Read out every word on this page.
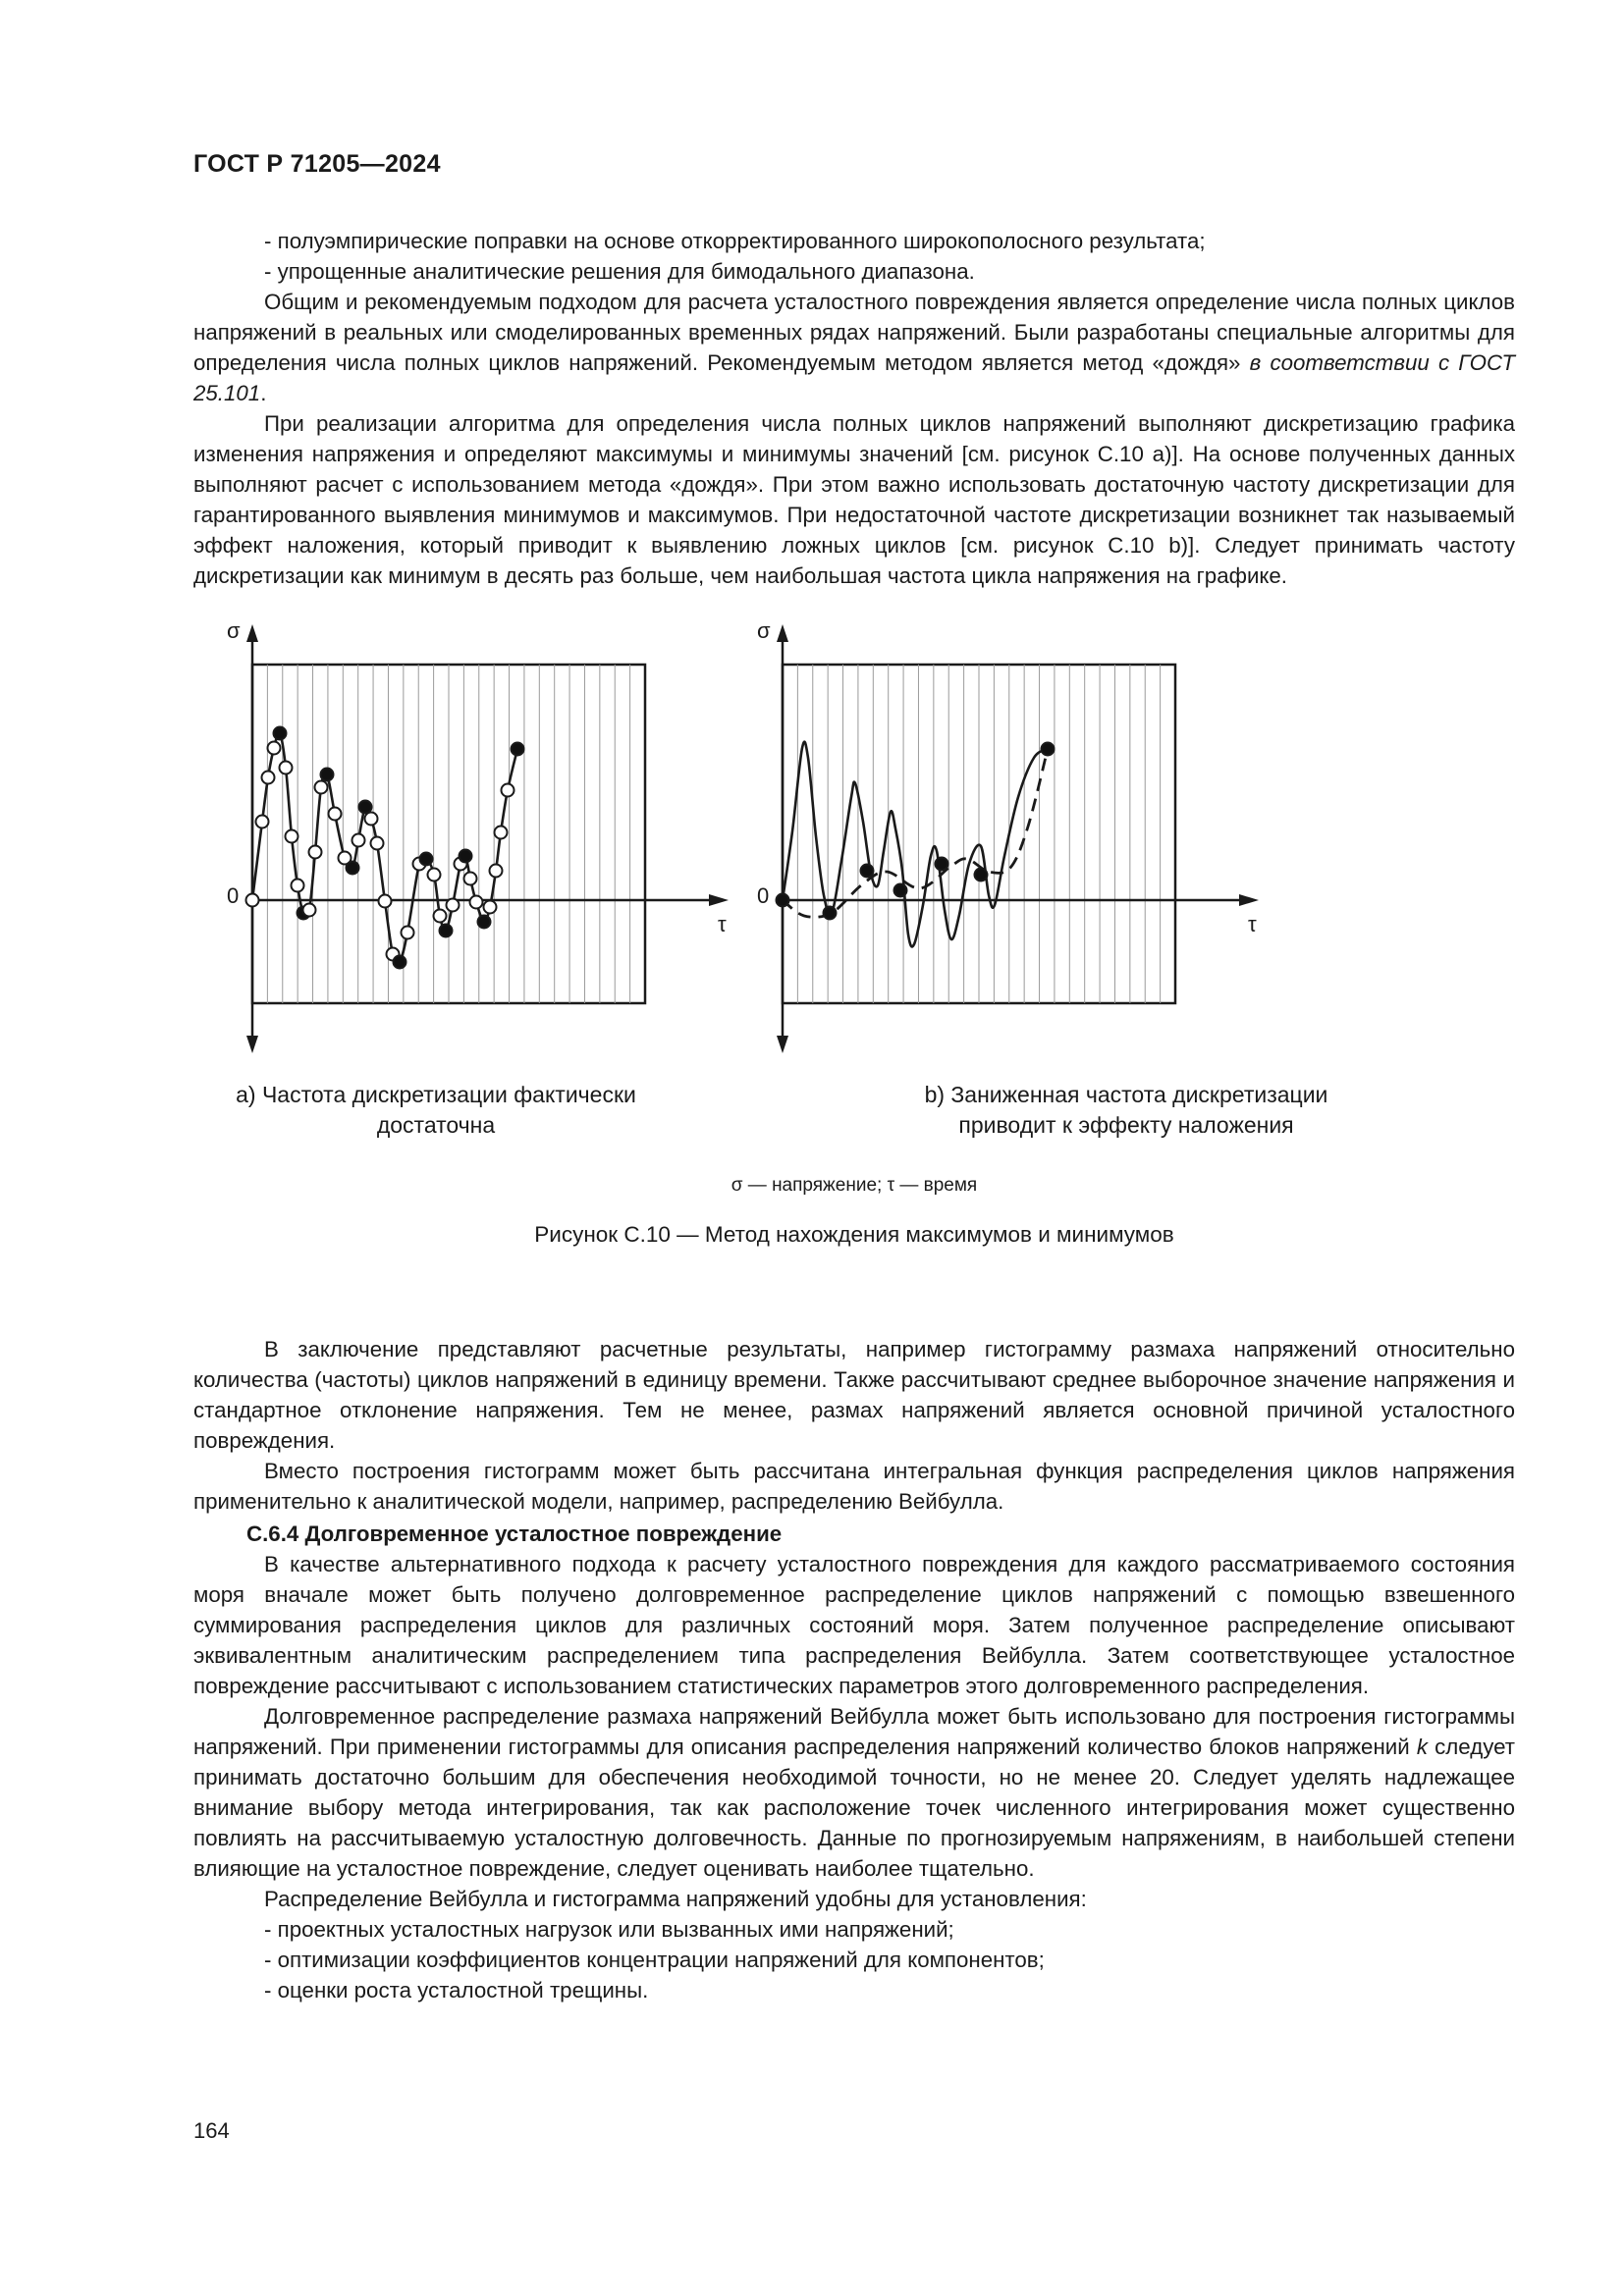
ГОСТ Р 71205—2024

- полуэмпирические поправки на основе откорректированного широкополосного результата;

- упрощенные аналитические решения для бимодального диапазона.

Общим и рекомендуемым подходом для расчета усталостного повреждения является определение числа полных циклов напряжений в реальных или смоделированных временных рядах напряжений. Были разработаны специальные алгоритмы для определения числа полных циклов напряжений. Рекомендуемым методом является метод «дождя» в соответствии с ГОСТ 25.101.

При реализации алгоритма для определения числа полных циклов напряжений выполняют дискретизацию графика изменения напряжения и определяют максимумы и минимумы значений [см. рисунок С.10 а)]. На основе полученных данных выполняют расчет с использованием метода «дождя». При этом важно использовать достаточную частоту дискретизации для гарантированного выявления минимумов и максимумов. При недостаточной частоте дискретизации возникнет так называемый эффект наложения, который приводит к выявлению ложных циклов [см. рисунок С.10 b)]. Следует принимать частоту дискретизации как минимум в десять раз больше, чем наибольшая частота цикла напряжения на графике.

σ
τ
0
σ
τ
0
а) Частота дискретизации фактически
достаточна
b) Заниженная частота дискретизации
приводит к эффекту наложения
σ — напряжение; τ — время
Рисунок С.10 — Метод нахождения максимумов и минимумов

В заключение представляют расчетные результаты, например гистограмму размаха напряжений относительно количества (частоты) циклов напряжений в единицу времени. Также рассчитывают среднее выборочное значение напряжения и стандартное отклонение напряжения. Тем не менее, размах напряжений является основной причиной усталостного повреждения.

Вместо построения гистограмм может быть рассчитана интегральная функция распределения циклов напряжения применительно к аналитической модели, например, распределению Вейбулла.

С.6.4 Долговременное усталостное повреждение

В качестве альтернативного подхода к расчету усталостного повреждения для каждого рассматриваемого состояния моря вначале может быть получено долговременное распределение циклов напряжений с помощью взвешенного суммирования распределения циклов для различных состояний моря. Затем полученное распределение описывают эквивалентным аналитическим распределением типа распределения Вейбулла. Затем соответствующее усталостное повреждение рассчитывают с использованием статистических параметров этого долговременного распределения.

Долговременное распределение размаха напряжений Вейбулла может быть использовано для построения гистограммы напряжений. При применении гистограммы для описания распределения напряжений количество блоков напряжений k следует принимать достаточно большим для обеспечения необходимой точности, но не менее 20. Следует уделять надлежащее внимание выбору метода интегрирования, так как расположение точек численного интегрирования может существенно повлиять на рассчитываемую усталостную долговечность. Данные по прогнозируемым напряжениям, в наибольшей степени влияющие на усталостное повреждение, следует оценивать наиболее тщательно.

Распределение Вейбулла и гистограмма напряжений удобны для установления:

- проектных усталостных нагрузок или вызванных ими напряжений;

- оптимизации коэффициентов концентрации напряжений для компонентов;

- оценки роста усталостной трещины.

164
